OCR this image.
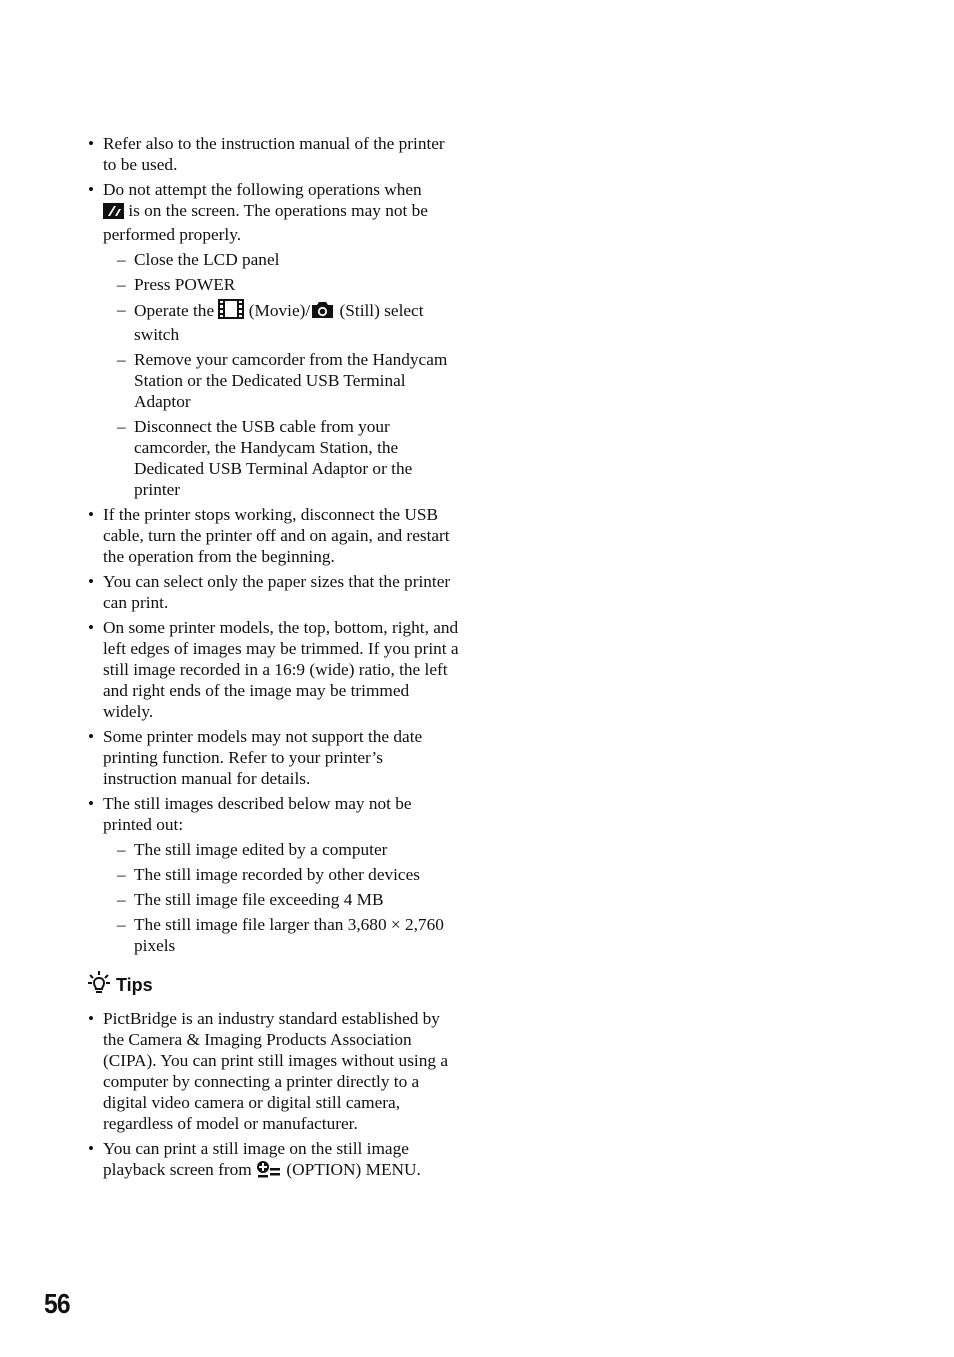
• Refer also to the instruction manual of the printer to be used.
• Do not attempt the following operations when
is on the screen. The operations may not be performed properly.
– Close the LCD panel
– Press POWER
– Operate the  (Movie)/ (Still) select switch
– Remove your camcorder from the Handycam Station or the Dedicated USB Terminal Adaptor
– Disconnect the USB cable from your camcorder, the Handycam Station, the Dedicated USB Terminal Adaptor or the printer
• If the printer stops working, disconnect the USB cable, turn the printer off and on again, and restart the operation from the beginning.
• You can select only the paper sizes that the printer can print.
• On some printer models, the top, bottom, right, and left edges of images may be trimmed. If you print a still image recorded in a 16:9 (wide) ratio, the left and right ends of the image may be trimmed widely.
• Some printer models may not support the date printing function. Refer to your printer’s instruction manual for details.
• The still images described below may not be printed out:
– The still image edited by a computer
– The still image recorded by other devices
– The still image file exceeding 4 MB
– The still image file larger than 3,680 × 2,760 pixels
Tips
• PictBridge is an industry standard established by the Camera & Imaging Products Association (CIPA). You can print still images without using a computer by connecting a printer directly to a digital video camera or digital still camera, regardless of model or manufacturer.
• You can print a still image on the still image playback screen from  (OPTION) MENU.
56
